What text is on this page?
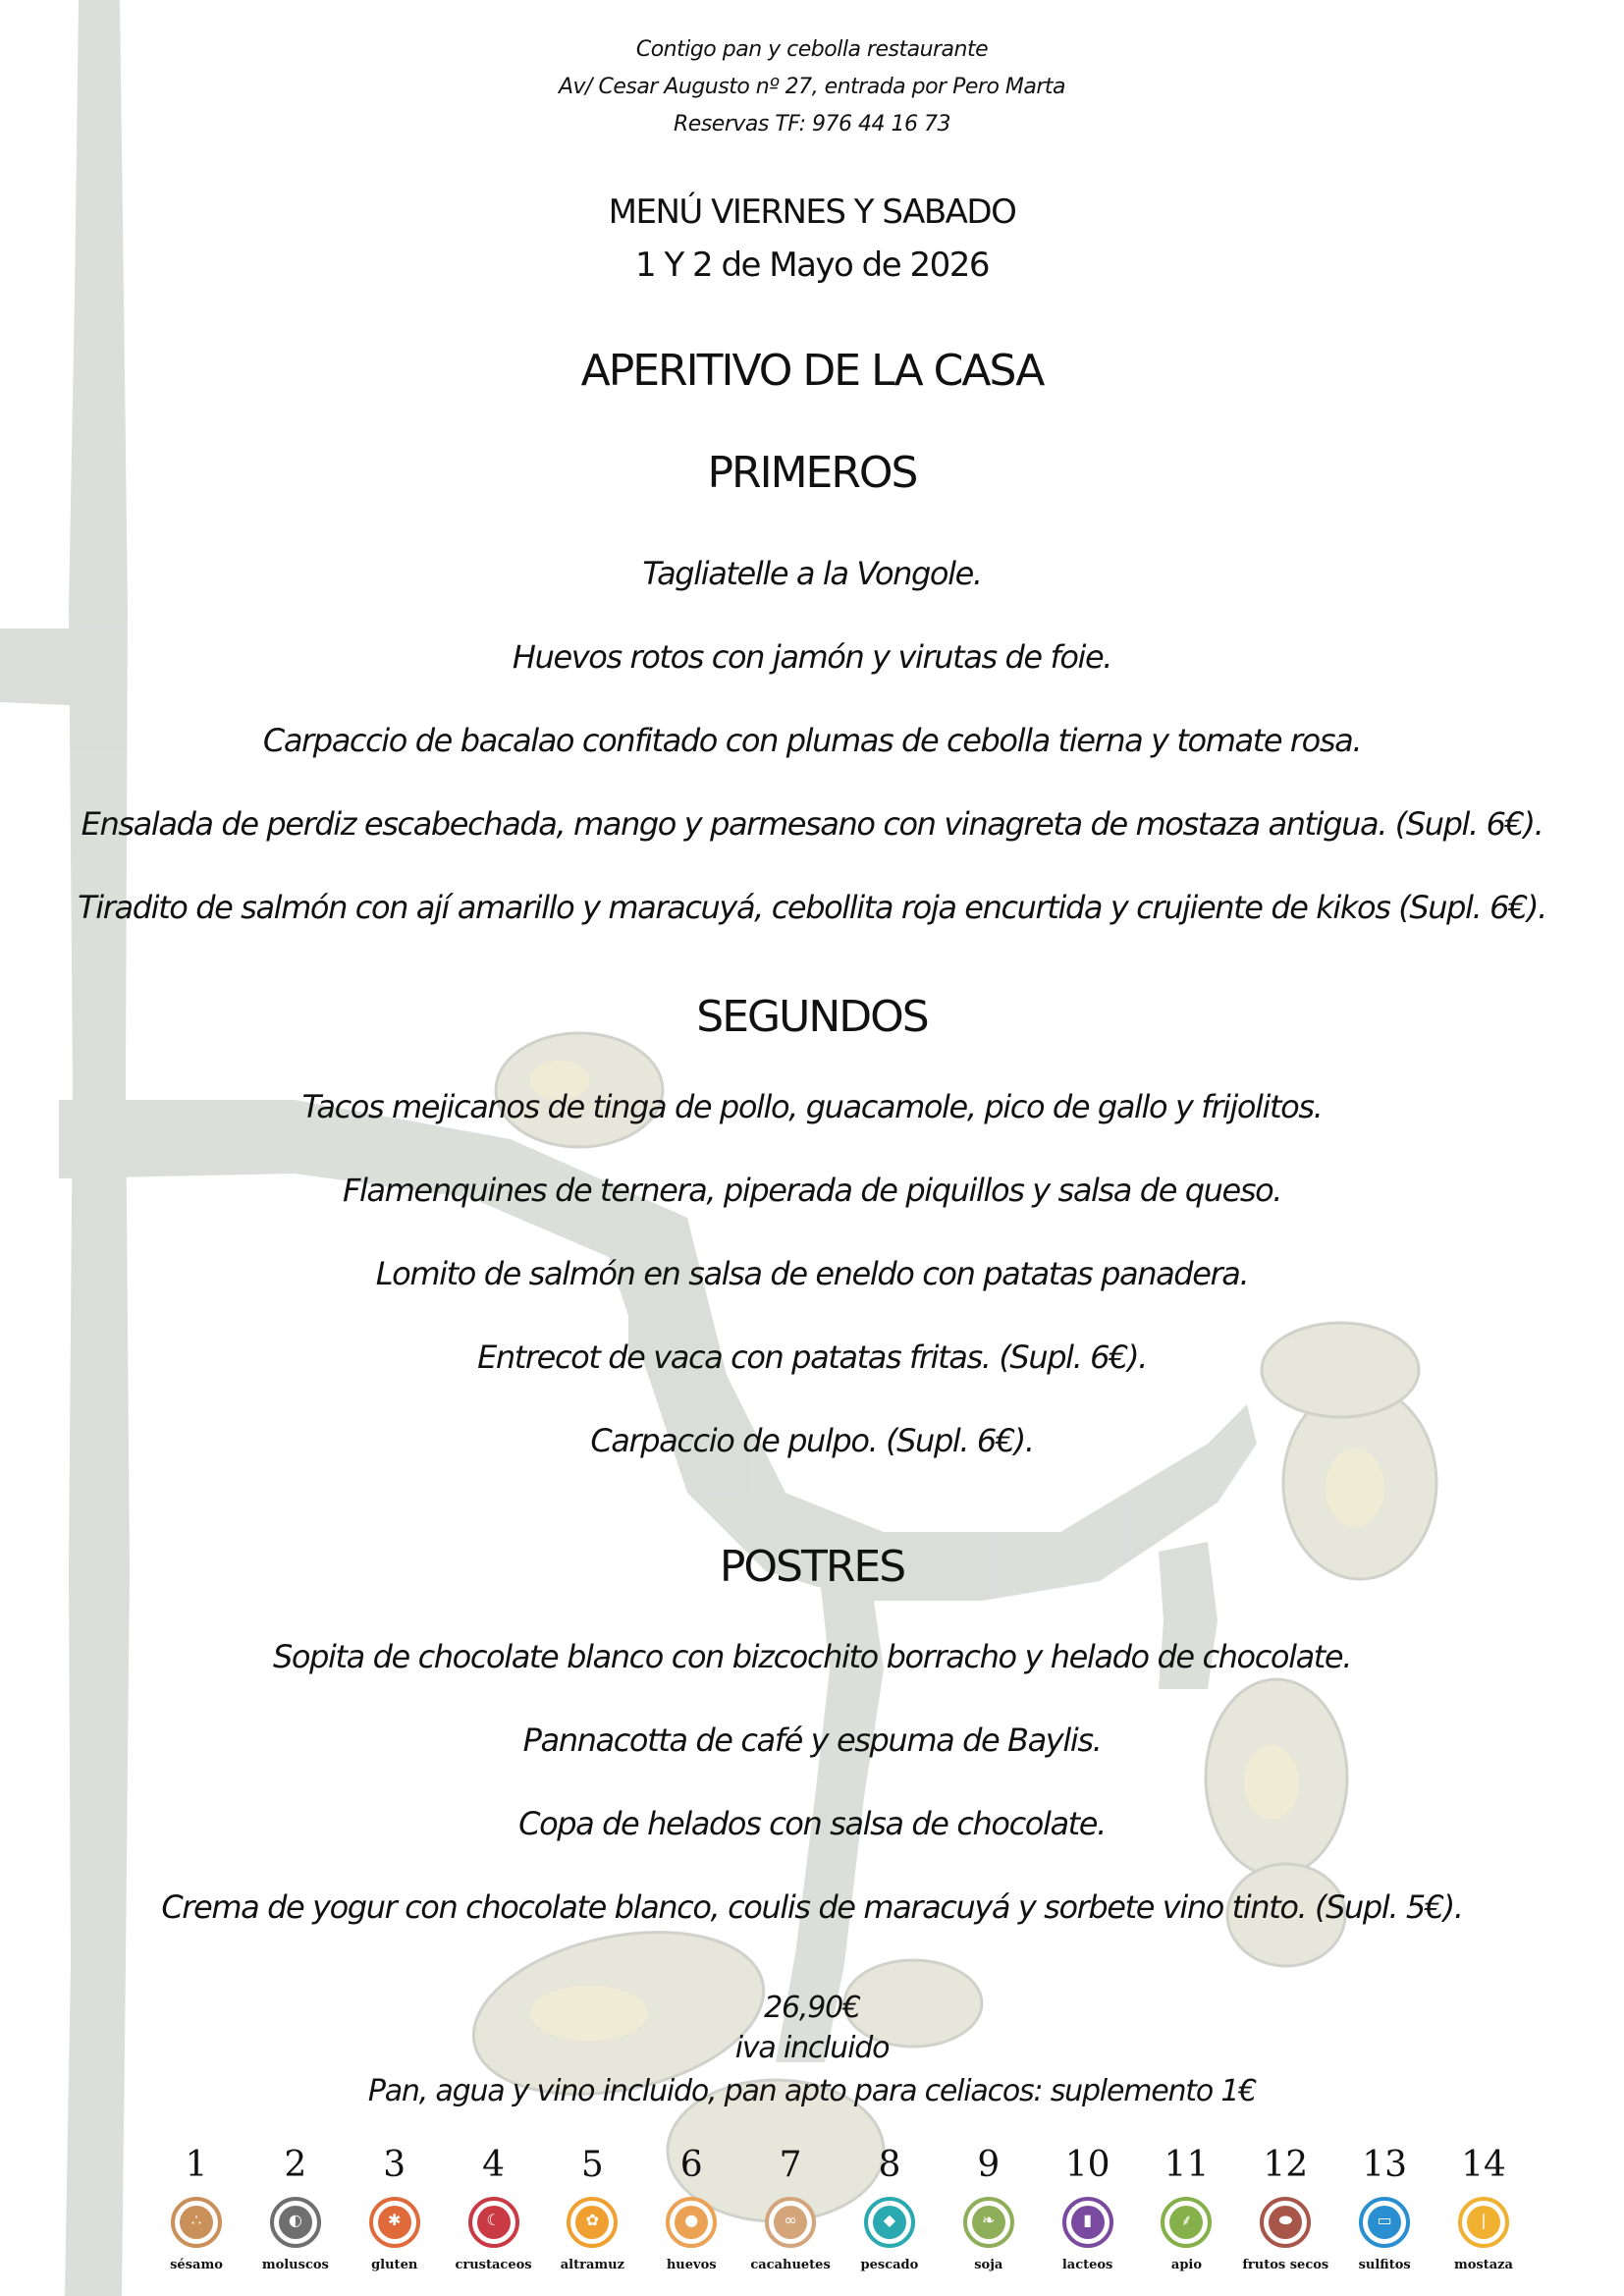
Contigo pan y cebolla restaurante
Av/ Cesar Augusto nº 27, entrada por Pero Marta
Reservas TF: 976 44 16 73
MENÚ VIERNES Y SABADO
1 Y 2 de Mayo de 2026
APERITIVO DE LA CASA
PRIMEROS
Tagliatelle a la Vongole.
Huevos rotos con jamón y virutas de foie.
Carpaccio de bacalao confitado con plumas de cebolla tierna y tomate rosa.
Ensalada de perdiz escabechada, mango y parmesano con vinagreta de mostaza antigua. (Supl. 6€).
Tiradito de salmón con ají amarillo y maracuyá, cebollita roja encurtida y crujiente de kikos (Supl. 6€).
SEGUNDOS
Tacos mejicanos de tinga de pollo, guacamole, pico de gallo y frijolitos.
Flamenquines de ternera, piperada de piquillos y salsa de queso.
Lomito de salmón en salsa de eneldo con patatas panadera.
Entrecot de vaca con patatas fritas. (Supl. 6€).
Carpaccio de pulpo. (Supl. 6€).
POSTRES
Sopita de chocolate blanco con bizcochito borracho y helado de chocolate.
Pannacotta de café y espuma de Baylis.
Copa de helados con salsa de chocolate.
Crema de yogur con chocolate blanco, coulis de maracuyá y sorbete vino tinto. (Supl. 5€).
26,90€
iva incluido
Pan, agua y vino incluido, pan apto para celiacos: suplemento 1€
1
∴
sésamo
2
◐
moluscos
3
✱
gluten
4
☾
crustaceos
5
✿
altramuz
6
●
huevos
7
∞
cacahuetes
8
◆
pescado
9
❧
soja
10
▮
lacteos
11
⸙
apio
12
⬬
frutos secos
13
▭
sulfitos
14
❘
mostaza
